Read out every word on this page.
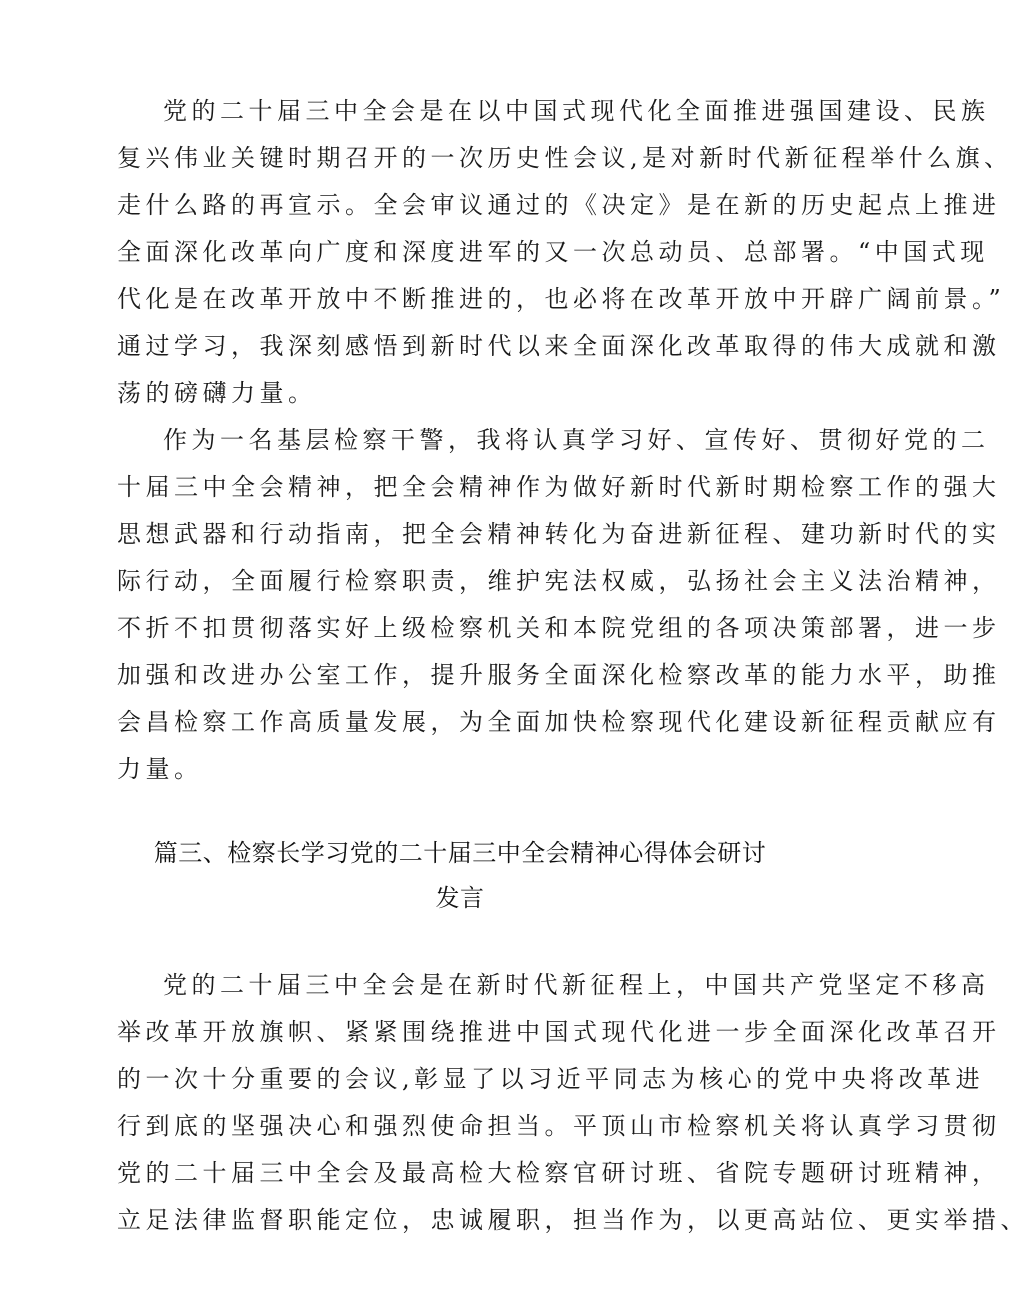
党的二十届三中全会是在以中国式现代化全面推进强国建设、民族
复兴伟业关键时期召开的一次历史性会议,是对新时代新征程举什么旗、
走什么路的再宣示。全会审议通过的《决定》是在新的历史起点上推进
全面深化改革向广度和深度进军的又一次总动员、总部署。“中国式现
代化是在改革开放中不断推进的，也必将在改革开放中开辟广阔前景。”
通过学习，我深刻感悟到新时代以来全面深化改革取得的伟大成就和激
荡的磅礴力量。
作为一名基层检察干警，我将认真学习好、宣传好、贯彻好党的二
十届三中全会精神，把全会精神作为做好新时代新时期检察工作的强大
思想武器和行动指南，把全会精神转化为奋进新征程、建功新时代的实
际行动，全面履行检察职责，维护宪法权威，弘扬社会主义法治精神，
不折不扣贯彻落实好上级检察机关和本院党组的各项决策部署，进一步
加强和改进办公室工作，提升服务全面深化检察改革的能力水平，助推
会昌检察工作高质量发展，为全面加快检察现代化建设新征程贡献应有
力量。
篇三、检察长学习党的二十届三中全会精神心得体会研讨
发言
党的二十届三中全会是在新时代新征程上，中国共产党坚定不移高
举改革开放旗帜、紧紧围绕推进中国式现代化进一步全面深化改革召开
的一次十分重要的会议,彰显了以习近平同志为核心的党中央将改革进
行到底的坚强决心和强烈使命担当。平顶山市检察机关将认真学习贯彻
党的二十届三中全会及最高检大检察官研讨班、省院专题研讨班精神，
立足法律监督职能定位，忠诚履职，担当作为，以更高站位、更实举措、
